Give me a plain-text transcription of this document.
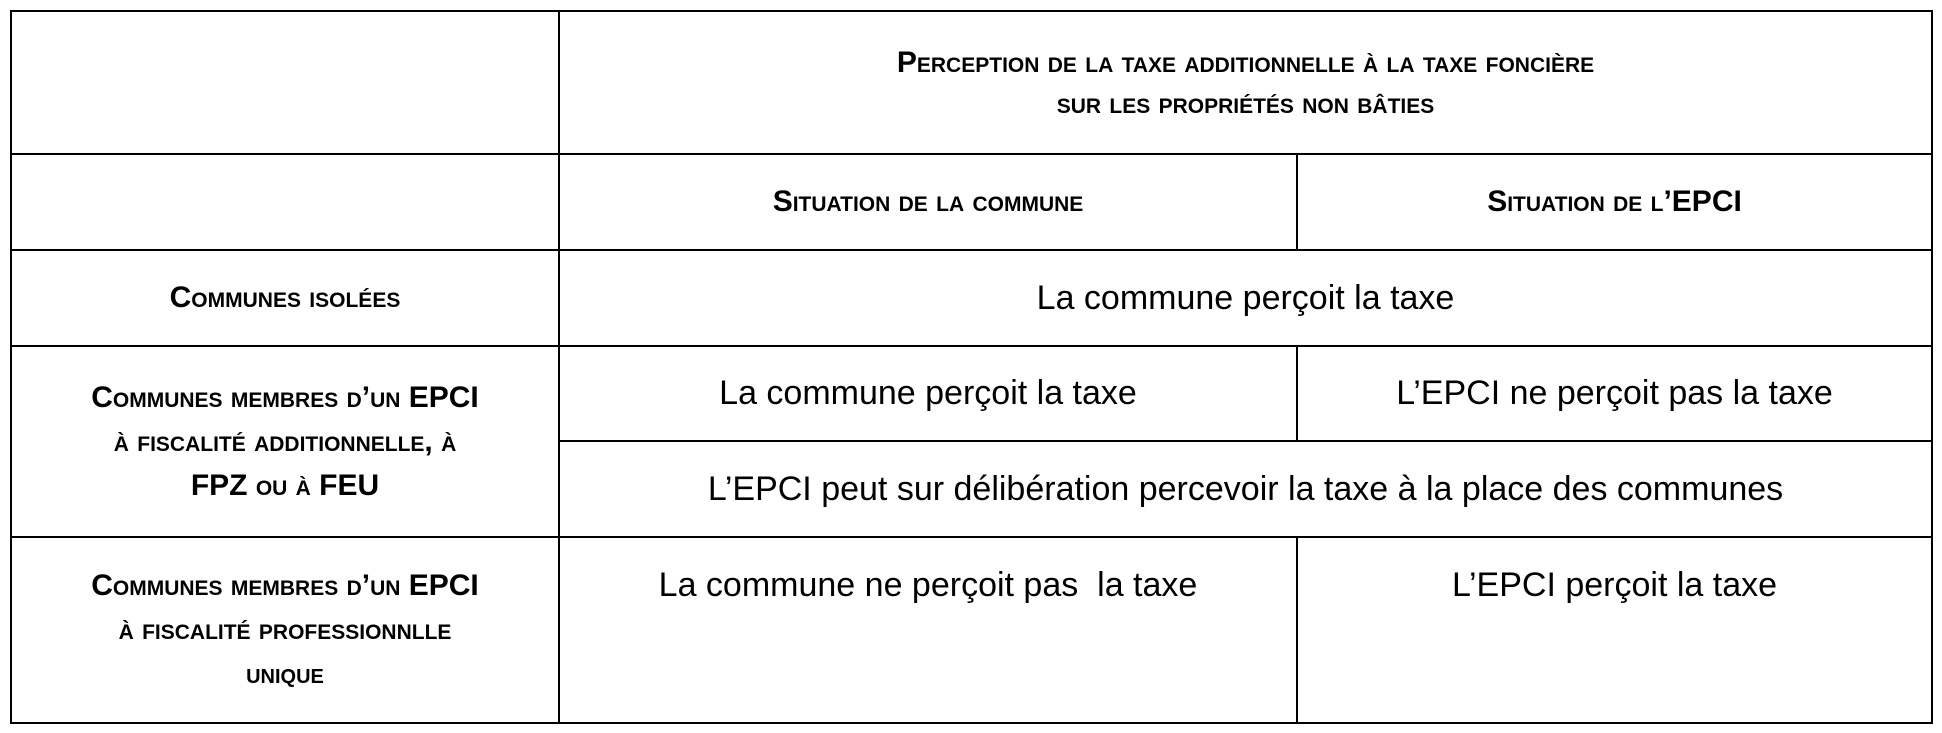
	Perception de la taxe additionnelle à la taxe foncière
sur les propriétés non bâties	

	Situation de la commune	Situation de l’EPCI
Communes isolées	La commune perçoit la taxe	

Communes membres d’un EPCI
à fiscalité additionnelle, à
FPZ ou à FEU	La commune perçoit la taxe	L’EPCI ne perçoit pas la taxe
	L’EPCI peut sur délibération percevoir la taxe à la place des communes	

Communes membres d’un EPCI
à fiscalité professionnlle
unique	La commune ne perçoit pas  la taxe	L’EPCI perçoit la taxe
